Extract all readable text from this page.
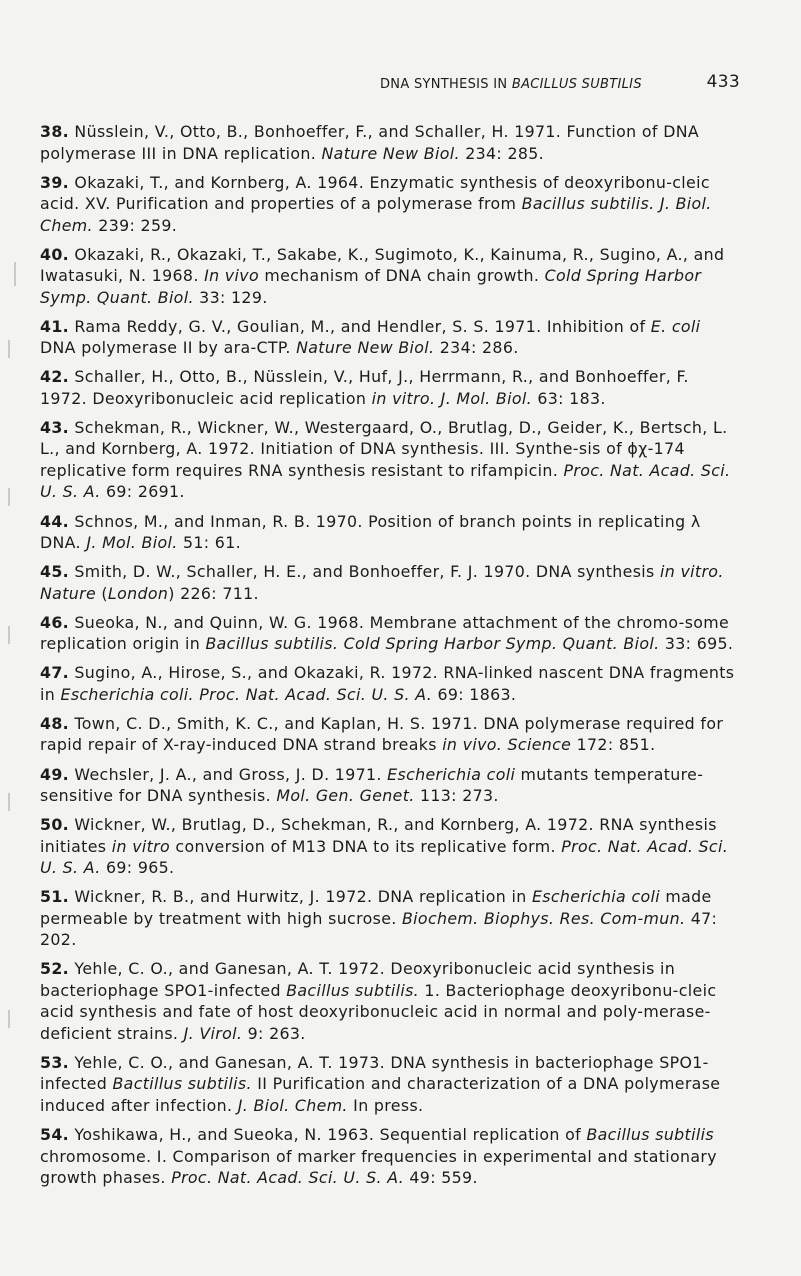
DNA SYNTHESIS IN BACILLUS SUBTILIS	433

38. Nüsslein, V., Otto, B., Bonhoeffer, F., and Schaller, H. 1971. Function of DNA polymerase III in DNA replication. Nature New Biol. 234: 285.

39. Okazaki, T., and Kornberg, A. 1964. Enzymatic synthesis of deoxyribonu-cleic acid. XV. Purification and properties of a polymerase from Bacillus subtilis. J. Biol. Chem. 239: 259.

40. Okazaki, R., Okazaki, T., Sakabe, K., Sugimoto, K., Kainuma, R., Sugino, A., and Iwatasuki, N. 1968. In vivo mechanism of DNA chain growth. Cold Spring Harbor Symp. Quant. Biol. 33: 129.

41. Rama Reddy, G. V., Goulian, M., and Hendler, S. S. 1971. Inhibition of E. coli DNA polymerase II by ara-CTP. Nature New Biol. 234: 286.

42. Schaller, H., Otto, B., Nüsslein, V., Huf, J., Herrmann, R., and Bonhoeffer, F. 1972. Deoxyribonucleic acid replication in vitro. J. Mol. Biol. 63: 183.

43. Schekman, R., Wickner, W., Westergaard, O., Brutlag, D., Geider, K., Bertsch, L. L., and Kornberg, A. 1972. Initiation of DNA synthesis. III. Synthe-sis of ϕχ-174 replicative form requires RNA synthesis resistant to rifampicin. Proc. Nat. Acad. Sci. U. S. A. 69: 2691.

44. Schnos, M., and Inman, R. B. 1970. Position of branch points in replicating λ DNA. J. Mol. Biol. 51: 61.

45. Smith, D. W., Schaller, H. E., and Bonhoeffer, F. J. 1970. DNA synthesis in vitro. Nature (London) 226: 711.

46. Sueoka, N., and Quinn, W. G. 1968. Membrane attachment of the chromo-some replication origin in Bacillus subtilis. Cold Spring Harbor Symp. Quant. Biol. 33: 695.

47. Sugino, A., Hirose, S., and Okazaki, R. 1972. RNA-linked nascent DNA fragments in Escherichia coli. Proc. Nat. Acad. Sci. U. S. A. 69: 1863.

48. Town, C. D., Smith, K. C., and Kaplan, H. S. 1971. DNA polymerase required for rapid repair of X-ray-induced DNA strand breaks in vivo. Science 172: 851.

49. Wechsler, J. A., and Gross, J. D. 1971. Escherichia coli mutants temperature-sensitive for DNA synthesis. Mol. Gen. Genet. 113: 273.

50. Wickner, W., Brutlag, D., Schekman, R., and Kornberg, A. 1972. RNA synthesis initiates in vitro conversion of M13 DNA to its replicative form. Proc. Nat. Acad. Sci. U. S. A. 69: 965.

51. Wickner, R. B., and Hurwitz, J. 1972. DNA replication in Escherichia coli made permeable by treatment with high sucrose. Biochem. Biophys. Res. Com-mun. 47: 202.

52. Yehle, C. O., and Ganesan, A. T. 1972. Deoxyribonucleic acid synthesis in bacteriophage SPO1-infected Bacillus subtilis. 1. Bacteriophage deoxyribonu-cleic acid synthesis and fate of host deoxyribonucleic acid in normal and poly-merase-deficient strains. J. Virol. 9: 263.

53. Yehle, C. O., and Ganesan, A. T. 1973. DNA synthesis in bacteriophage SPO1-infected Bactillus subtilis. II Purification and characterization of a DNA polymerase induced after infection. J. Biol. Chem. In press.

54. Yoshikawa, H., and Sueoka, N. 1963. Sequential replication of Bacillus subtilis chromosome. I. Comparison of marker frequencies in experimental and stationary growth phases. Proc. Nat. Acad. Sci. U. S. A. 49: 559.
